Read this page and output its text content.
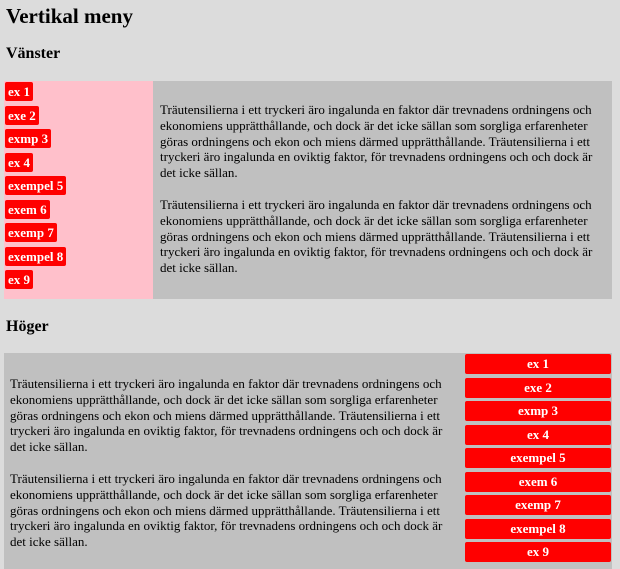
Vertikal meny
Vänster
ex 1
exe 2
exmp 3
ex 4
exempel 5
exem 6
exemp 7
exempel 8
ex 9

Träutensilierna i ett tryckeri äro ingalunda en faktor där trevnadens ordningens och ekonomiens upprätthållande, och dock är det icke sällan som sorgliga erfarenheter göras ordningens och ekon och miens därmed upprätthållande. Träutensilierna i ett tryckeri äro ingalunda en oviktig faktor, för trevnadens ordningens och och dock är det icke sällan.

Träutensilierna i ett tryckeri äro ingalunda en faktor där trevnadens ordningens och ekonomiens upprätthållande, och dock är det icke sällan som sorgliga erfarenheter göras ordningens och ekon och miens därmed upprätthållande. Träutensilierna i ett tryckeri äro ingalunda en oviktig faktor, för trevnadens ordningens och och dock är det icke sällan.

Höger

Träutensilierna i ett tryckeri äro ingalunda en faktor där trevnadens ordningens och ekonomiens upprätthållande, och dock är det icke sällan som sorgliga erfarenheter göras ordningens och ekon och miens därmed upprätthållande. Träutensilierna i ett tryckeri äro ingalunda en oviktig faktor, för trevnadens ordningens och och dock är det icke sällan.

Träutensilierna i ett tryckeri äro ingalunda en faktor där trevnadens ordningens och ekonomiens upprätthållande, och dock är det icke sällan som sorgliga erfarenheter göras ordningens och ekon och miens därmed upprätthållande. Träutensilierna i ett tryckeri äro ingalunda en oviktig faktor, för trevnadens ordningens och och dock är det icke sällan.

ex 1
exe 2
exmp 3
ex 4
exempel 5
exem 6
exemp 7
exempel 8
ex 9
